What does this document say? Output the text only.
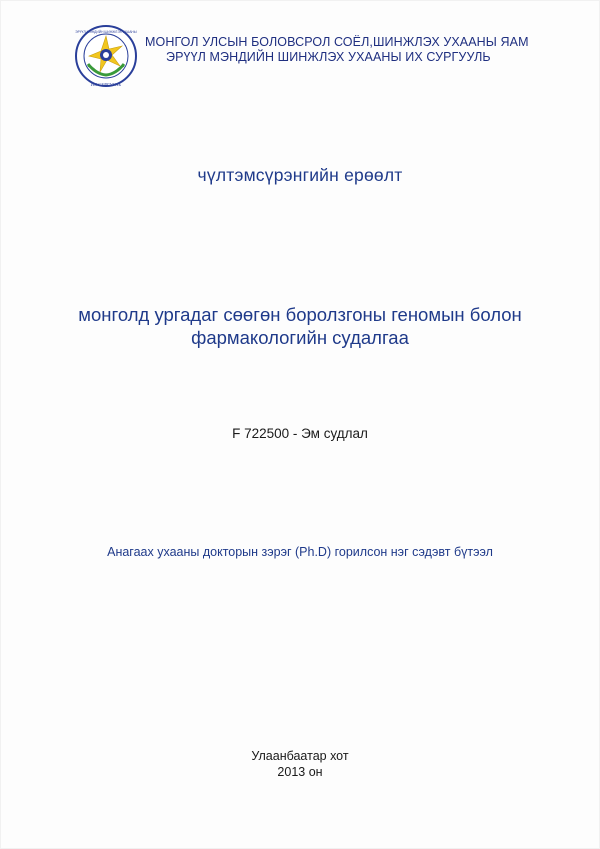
ЭРҮҮЛ МЭНДИЙН ШИНЖЛЭХ УХААНЫ
ИХ СУРГУУЛЬ
МОНГОЛ УЛСЫН БОЛОВСРОЛ СОЁЛ,ШИНЖЛЭХ УХААНЫ ЯАМ
ЭРҮҮЛ МЭНДИЙН ШИНЖЛЭХ УХААНЫ ИХ СУРГУУЛЬ
чүлтэмсүрэнгийн ерөөлт
монголд ургадаг сөөгөн боролзгоны геномын болон
фармакологийн судалгаа
F 722500 - Эм судлал
Анагаах ухааны докторын зэрэг (Ph.D) горилсон нэг сэдэвт бүтээл
Улаанбаатар хот
2013 он
